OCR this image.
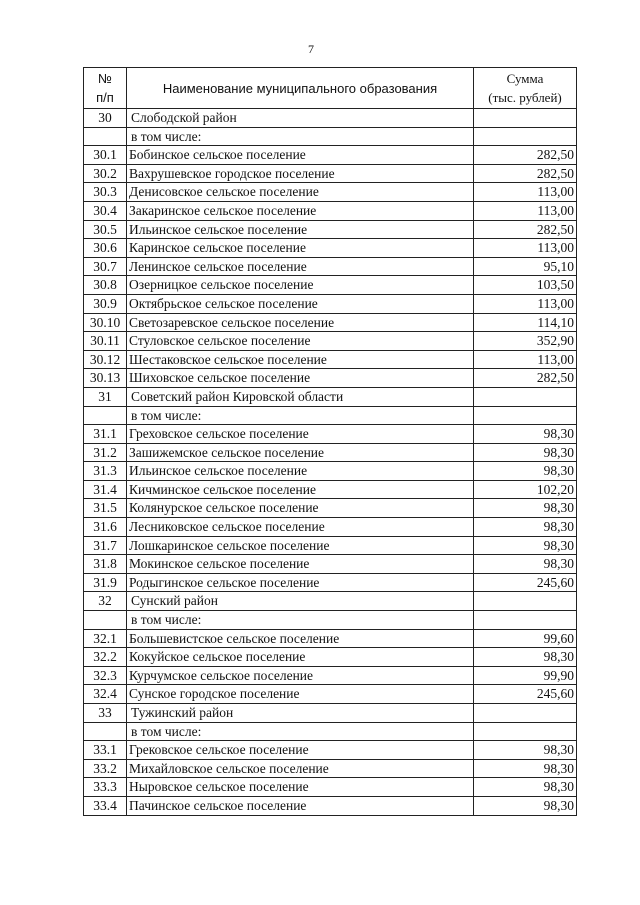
7
№
п/п	Наименование муниципального образования	Сумма
(тыс. рублей)
30	Слободской район	
	в том числе:	
30.1	Бобинское сельское поселение	282,50
30.2	Вахрушевское городское поселение	282,50
30.3	Денисовское сельское поселение	113,00
30.4	Закаринское сельское поселение	113,00
30.5	Ильинское сельское поселение	282,50
30.6	Каринское сельское поселение	113,00
30.7	Ленинское сельское поселение	95,10
30.8	Озерницкое сельское поселение	103,50
30.9	Октябрьское сельское поселение	113,00
30.10	Светозаревское сельское поселение	114,10
30.11	Стуловское сельское поселение	352,90
30.12	Шестаковское сельское поселение	113,00
30.13	Шиховское сельское поселение	282,50
31	Советский район Кировской области	
	в том числе:	
31.1	Греховское сельское поселение	98,30
31.2	Зашижемское сельское поселение	98,30
31.3	Ильинское сельское поселение	98,30
31.4	Кичминское сельское поселение	102,20
31.5	Колянурское сельское поселение	98,30
31.6	Лесниковское сельское поселение	98,30
31.7	Лошкаринское сельское поселение	98,30
31.8	Мокинское сельское поселение	98,30
31.9	Родыгинское сельское поселение	245,60
32	Сунский район	
	в том числе:	
32.1	Большевистское сельское поселение	99,60
32.2	Кокуйское сельское поселение	98,30
32.3	Курчумское сельское поселение	99,90
32.4	Сунское городское поселение	245,60
33	Тужинский район	
	в том числе:	
33.1	Грековское сельское поселение	98,30
33.2	Михайловское сельское поселение	98,30
33.3	Ныровское сельское поселение	98,30
33.4	Пачинское сельское поселение	98,30
